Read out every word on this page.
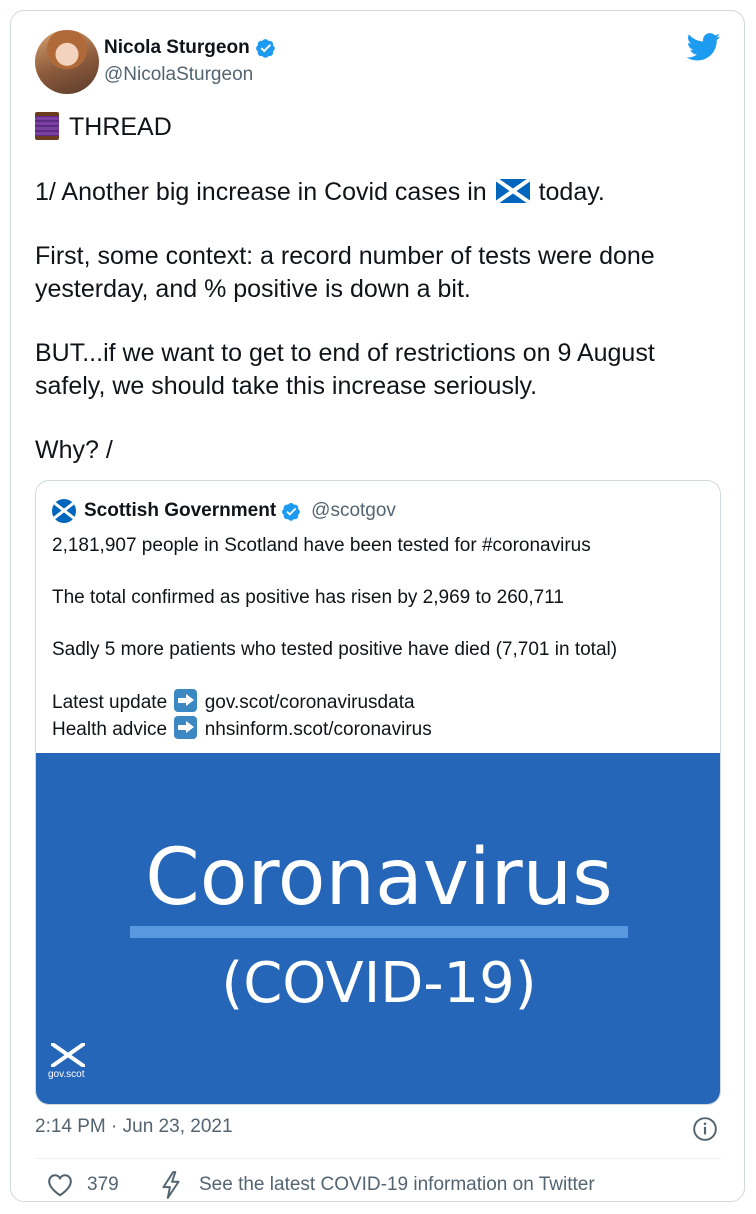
Nicola Sturgeon
@NicolaSturgeon

THREAD

1/ Another big increase in Covid cases in today.

First, some context: a record number of tests were done yesterday, and % positive is down a bit.

BUT...if we want to get to end of restrictions on 9 August safely, we should take this increase seriously.

Why? /

Scottish Government @scotgov

2,181,907 people in Scotland have been tested for #coronavirus

The total confirmed as positive has risen by 2,969 to 260,711

Sadly 5 more patients who tested positive have died (7,701 in total)

Latest update gov.scot/coronavirusdata
Health advice nhsinform.scot/coronavirus

Coronavirus
(COVID-19)
gov.scot
2:14 PM · Jun 23, 2021
379	See the latest COVID-19 information on Twitter
